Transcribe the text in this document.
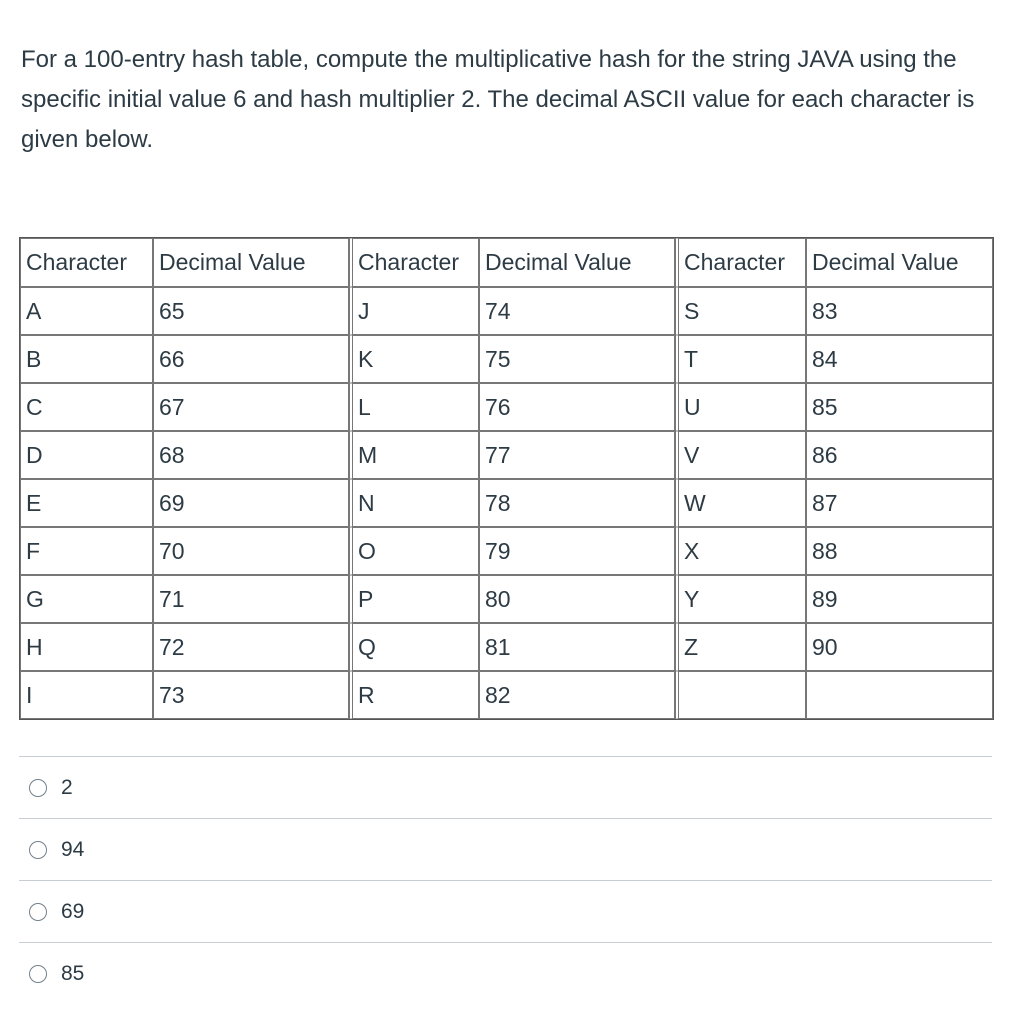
For a 100-entry hash table, compute the multiplicative hash for the string JAVA using the specific initial value 6 and hash multiplier 2. The decimal ASCII value for each character is given below.
Character	Decimal Value	Character	Decimal Value	Character	Decimal Value
A	65	J	74	S	83
B	66	K	75	T	84
C	67	L	76	U	85
D	68	M	77	V	86
E	69	N	78	W	87
F	70	O	79	X	88
G	71	P	80	Y	89
H	72	Q	81	Z	90
I	73	R	82		
2
94
69
85
